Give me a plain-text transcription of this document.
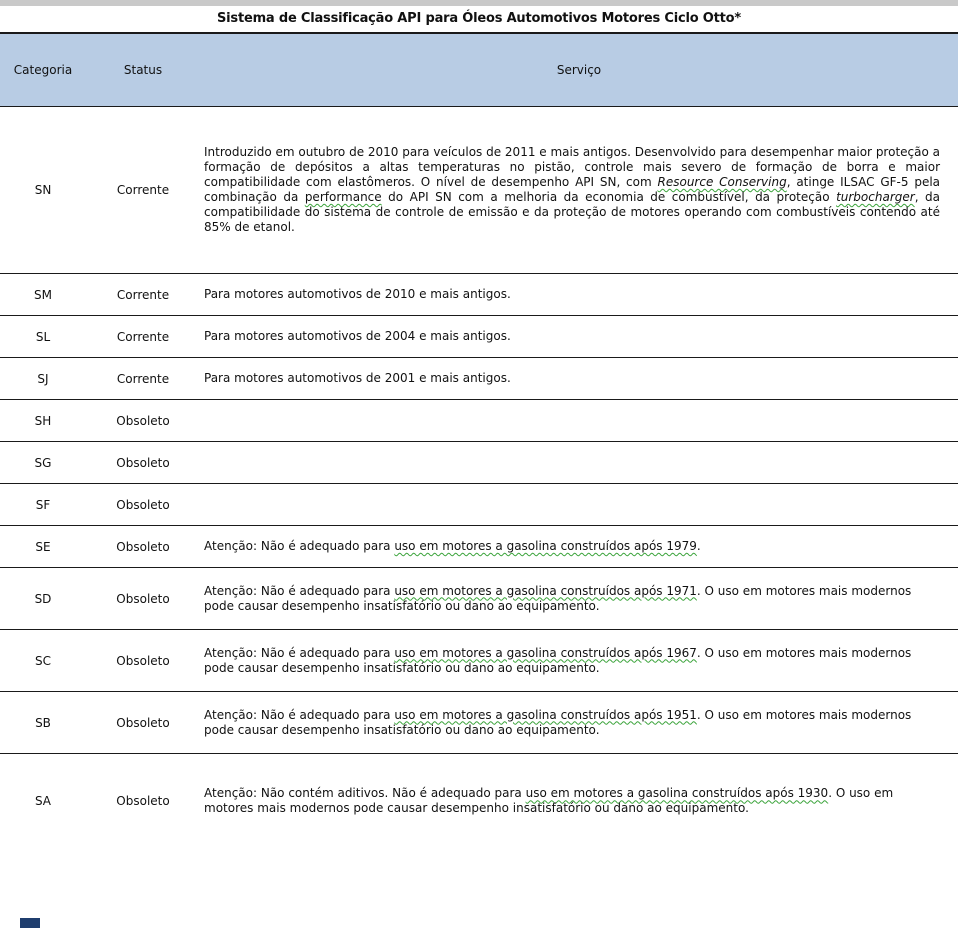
Sistema de Classificação API para Óleos Automotivos Motores Ciclo Otto*
Categoria	Status	Serviço
SN	Corrente	Introduzido em outubro de 2010 para veículos de 2011 e mais antigos. Desenvolvido para desempenhar maior proteção a formação de depósitos a altas temperaturas no pistão, controle mais severo de formação de borra e maior compatibilidade com elastômeros. O nível de desempenho API SN, com Resource Conserving, atinge ILSAC GF-5 pela combinação da performance do API SN com a melhoria da economia de combustível, da proteção turbocharger, da compatibilidade do sistema de controle de emissão e da proteção de motores operando com combustíveis contendo até 85% de etanol.
SM	Corrente	Para motores automotivos de 2010 e mais antigos.
SL	Corrente	Para motores automotivos de 2004 e mais antigos.
SJ	Corrente	Para motores automotivos de 2001 e mais antigos.
SH	Obsoleto	
SG	Obsoleto	
SF	Obsoleto	
SE	Obsoleto	Atenção: Não é adequado para uso em motores a gasolina construídos após 1979.
SD	Obsoleto	Atenção: Não é adequado para uso em motores a gasolina construídos após 1971. O uso em motores mais modernos pode causar desempenho insatisfatório ou dano ao equipamento.
SC	Obsoleto	Atenção: Não é adequado para uso em motores a gasolina construídos após 1967. O uso em motores mais modernos pode causar desempenho insatisfatório ou dano ao equipamento.
SB	Obsoleto	Atenção: Não é adequado para uso em motores a gasolina construídos após 1951. O uso em motores mais modernos pode causar desempenho insatisfatório ou dano ao equipamento.
SA	Obsoleto	Atenção: Não contém aditivos. Não é adequado para uso em motores a gasolina construídos após 1930. O uso em motores mais modernos pode causar desempenho insatisfatório ou dano ao equipamento.
